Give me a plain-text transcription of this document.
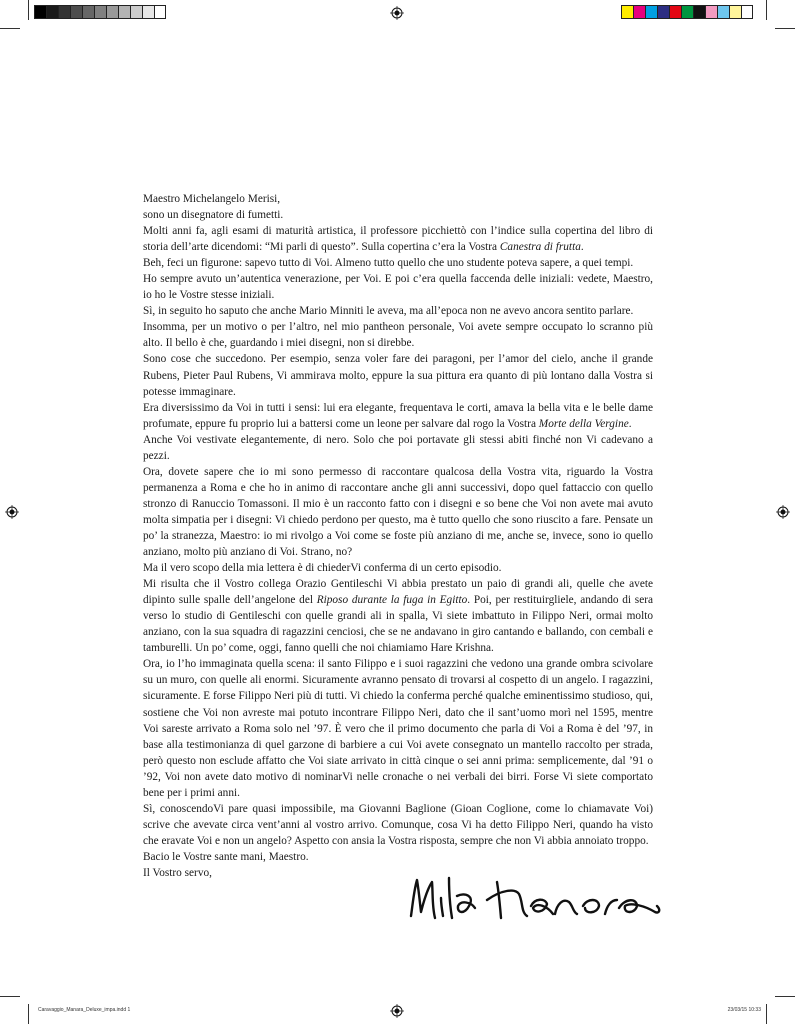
Maestro Michelangelo Merisi,

sono un disegnatore di fumetti.

Molti anni fa, agli esami di maturità artistica, il professore picchiettò con l’indice sulla copertina del libro di storia dell’arte dicendomi: “Mi parli di questo”. Sulla copertina c’era la Vostra Canestra di frutta.

Beh, feci un figurone: sapevo tutto di Voi. Almeno tutto quello che uno studente poteva sapere, a quei tempi.

Ho sempre avuto un’autentica venerazione, per Voi. E poi c’era quella faccenda delle iniziali: vedete, Maestro, io ho le Vostre stesse iniziali.

Sì, in seguito ho saputo che anche Mario Minniti le aveva, ma all’epoca non ne avevo ancora sentito parlare.

Insomma, per un motivo o per l’altro, nel mio pantheon personale, Voi avete sempre occupato lo scranno più alto. Il bello è che, guardando i miei disegni, non si direbbe.

Sono cose che succedono. Per esempio, senza voler fare dei paragoni, per l’amor del cielo, anche il grande Rubens, Pieter Paul Rubens, Vi ammirava molto, eppure la sua pittura era quanto di più lontano dalla Vostra si potesse immaginare.

Era diversissimo da Voi in tutti i sensi: lui era elegante, frequentava le corti, amava la bella vita e le belle dame profumate, eppure fu proprio lui a battersi come un leone per salvare dal rogo la Vostra Morte della Vergine.

Anche Voi vestivate elegantemente, di nero. Solo che poi portavate gli stessi abiti finché non Vi cadevano a pezzi.

Ora, dovete sapere che io mi sono permesso di raccontare qualcosa della Vostra vita, riguardo la Vostra permanenza a Roma e che ho in animo di raccontare anche gli anni successivi, dopo quel fattaccio con quello stronzo di Ranuccio Tomassoni. Il mio è un racconto fatto con i disegni e so bene che Voi non avete mai avuto molta simpatia per i disegni: Vi chiedo perdono per questo, ma è tutto quello che sono riuscito a fare. Pensate un po’ la stranezza, Maestro: io mi rivolgo a Voi come se foste più anziano di me, anche se, invece, sono io quello anziano, molto più anziano di Voi. Strano, no?

Ma il vero scopo della mia lettera è di chiederVi conferma di un certo episodio.

Mi risulta che il Vostro collega Orazio Gentileschi Vi abbia prestato un paio di grandi ali, quelle che avete dipinto sulle spalle dell’angelone del Riposo durante la fuga in Egitto. Poi, per restituirgliele, andando di sera verso lo studio di Gentileschi con quelle grandi ali in spalla, Vi siete imbattuto in Filippo Neri, ormai molto anziano, con la sua squadra di ragazzini cenciosi, che se ne andavano in giro cantando e ballando, con cembali e tamburelli. Un po’ come, oggi, fanno quelli che noi chiamiamo Hare Krishna.

Ora, io l’ho immaginata quella scena: il santo Filippo e i suoi ragazzini che vedono una grande ombra scivolare su un muro, con quelle ali enormi. Sicuramente avranno pensato di trovarsi al cospetto di un angelo. I ragazzini, sicuramente. E forse Filippo Neri più di tutti. Vi chiedo la conferma perché qualche eminentissimo studioso, qui, sostiene che Voi non avreste mai potuto incontrare Filippo Neri, dato che il sant’uomo morì nel 1595, mentre Voi sareste arrivato a Roma solo nel ’97. È vero che il primo documento che parla di Voi a Roma è del ’97, in base alla testimonianza di quel garzone di barbiere a cui Voi avete consegnato un mantello raccolto per strada, però questo non esclude affatto che Voi siate arrivato in città cinque o sei anni prima: semplicemente, dal ’91 o ’92, Voi non avete dato motivo di nominarVi nelle cronache o nei verbali dei birri. Forse Vi siete comportato bene per i primi anni.

Sì, conoscendoVi pare quasi impossibile, ma Giovanni Baglione (Gioan Coglione, come lo chiamavate Voi) scrive che avevate circa vent’anni al vostro arrivo. Comunque, cosa Vi ha detto Filippo Neri, quando ha visto che eravate Voi e non un angelo? Aspetto con ansia la Vostra risposta, sempre che non Vi abbia annoiato troppo.

Bacio le Vostre sante mani, Maestro.

Il Vostro servo,

Caravaggio_Manara_Deluxe_impa.indd 1	23/03/15 10:33
